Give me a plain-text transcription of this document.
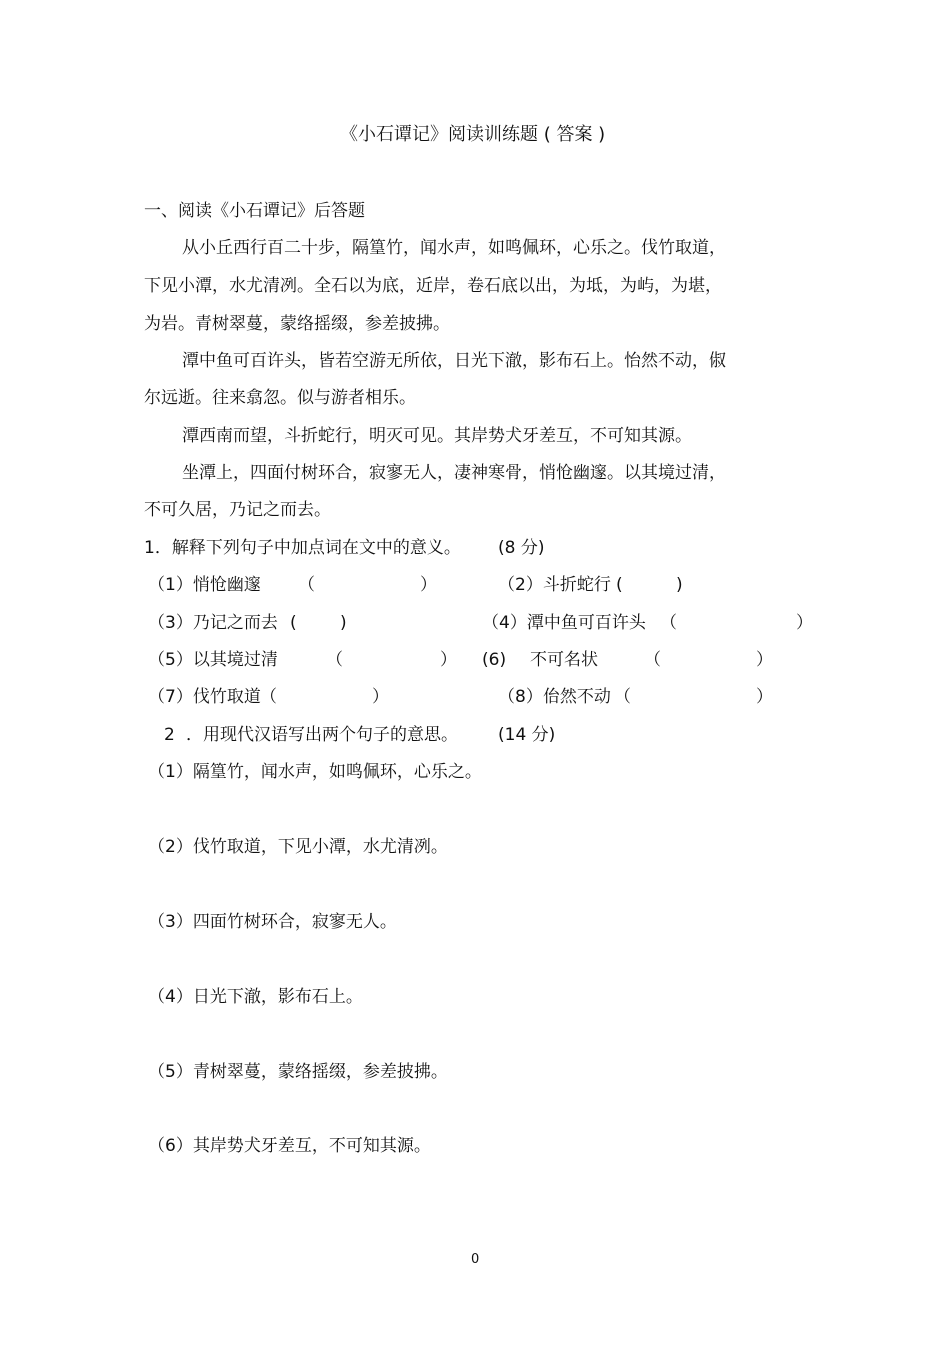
《小石谭记》阅读训练题 ( 答案 )
一、阅读《小石谭记》后答题
从小丘西行百二十步，隔篁竹，闻水声，如鸣佩环，心乐之。伐竹取道，
下见小潭，水尤清冽。全石以为底，近岸，卷石底以出，为坻，为屿，为堪，
为岩。青树翠蔓，蒙络摇缀，参差披拂。
潭中鱼可百许头，皆若空游无所依，日光下澈，影布石上。怡然不动，俶
尔远逝。往来翕忽。似与游者相乐。
潭西南而望，斗折蛇行，明灭可见。其岸势犬牙差互，不可知其源。
坐潭上，四面付树环合，寂寥无人，凄神寒骨，悄怆幽邃。以其境过清，
不可久居，乃记之而去。
1．解释下列句子中加点词在文中的意义。 (8 分)
（1）悄怆幽邃 （	）	（2）斗折蛇行 (	)
（3）乃记之而去 (	)	（4）潭中鱼可百许头 （	）
（5）以其境过清	（	） (6) 不可名状	（	）
（7）伐竹取道 （	）	（8）佁然不动 （	）
2 ．用现代汉语写出两个句子的意思。 (14 分)
（1）隔篁竹，闻水声，如鸣佩环，心乐之。
（2）伐竹取道，下见小潭，水尤清冽。
（3）四面竹树环合，寂寥无人。
（4）日光下澈，影布石上。
（5）青树翠蔓，蒙络摇缀，参差披拂。
（6）其岸势犬牙差互，不可知其源。
0
